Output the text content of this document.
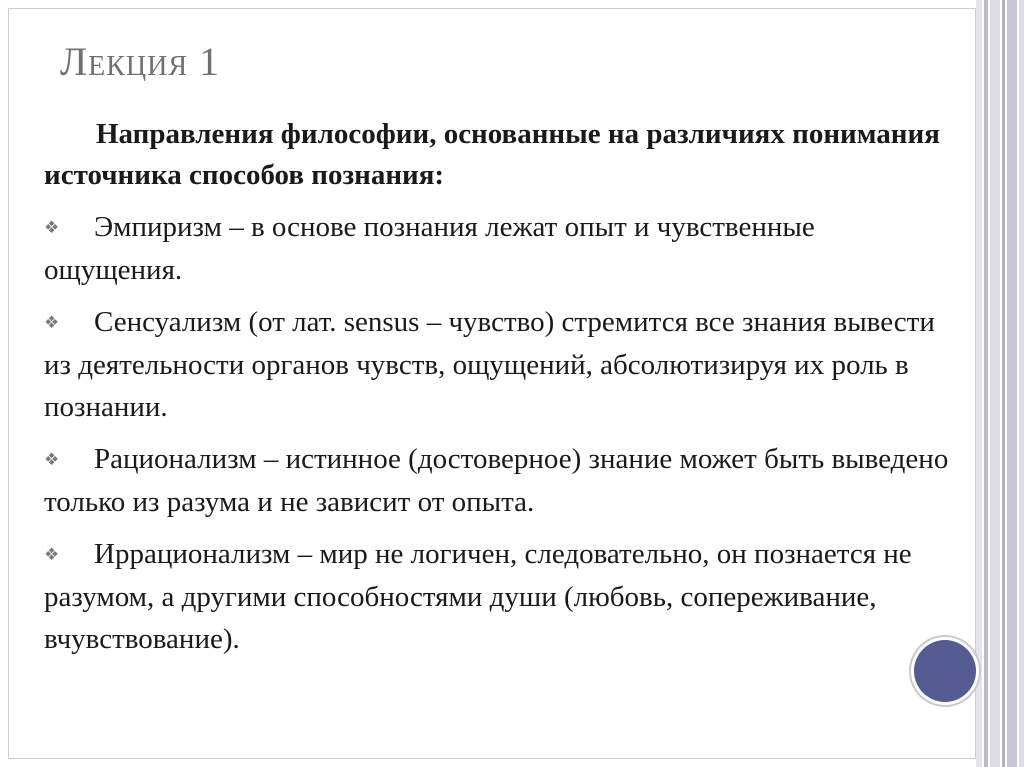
Лекция 1

Направления философии, основанные на различиях понимания источника способов познания:

❖ Эмпиризм – в основе познания лежат опыт и чувственные ощущения.
❖ Сенсуализм (от лат. sensus – чувство) стремится все знания вывести из деятельности органов чувств, ощущений, абсолютизируя их роль в познании.
❖ Рационализм – истинное (достоверное) знание может быть выведено только из разума и не зависит от опыта.
❖ Иррационализм – мир не логичен, следовательно, он познается не разумом, а другими способностями души (любовь, сопереживание, вчувствование).
